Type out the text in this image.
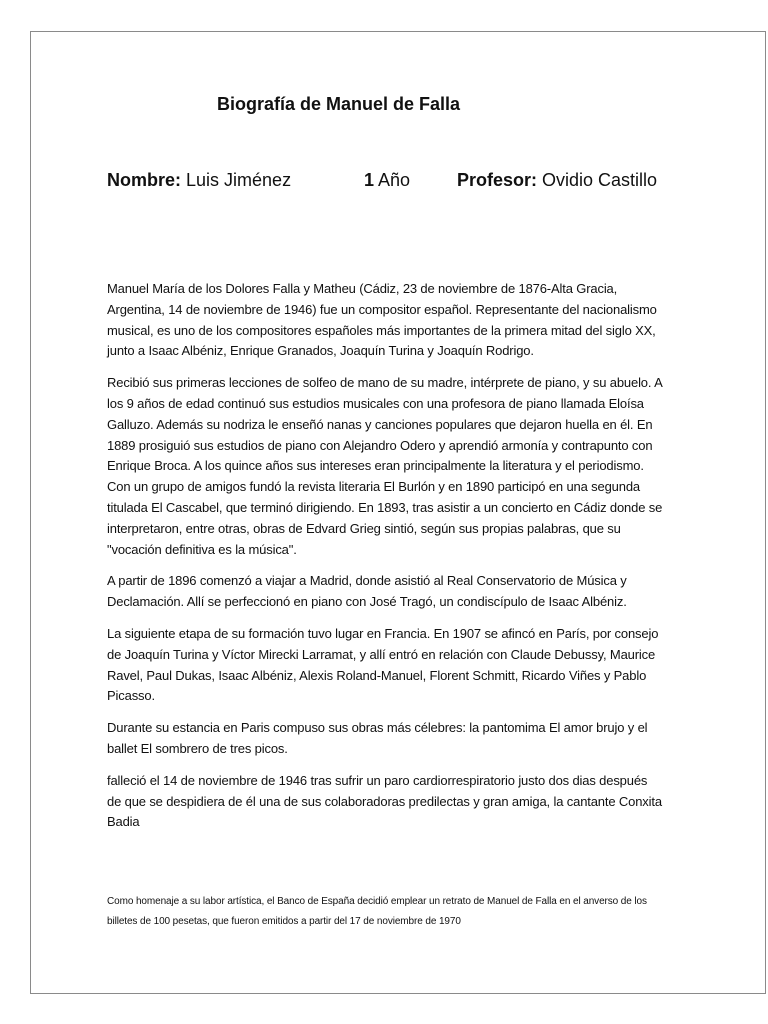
Biografía de Manuel de Falla
Nombre: Luis Jiménez	1 Año	Profesor: Ovidio Castillo

Manuel María de los Dolores Falla y Matheu (Cádiz, 23 de noviembre de 1876-Alta Gracia, Argentina, 14 de noviembre de 1946) fue un compositor español. Representante del nacionalismo musical, es uno de los compositores españoles más importantes de la primera mitad del siglo XX, junto a Isaac Albéniz, Enrique Granados, Joaquín Turina y Joaquín Rodrigo.

Recibió sus primeras lecciones de solfeo de mano de su madre, intérprete de piano, y su abuelo. A los 9 años de edad continuó sus estudios musicales con una profesora de piano llamada Eloísa Galluzo. Además su nodriza le enseñó nanas y canciones populares que dejaron huella en él. En 1889 prosiguió sus estudios de piano con Alejandro Odero y aprendió armonía y contrapunto con Enrique Broca. A los quince años sus intereses eran principalmente la literatura y el periodismo. Con un grupo de amigos fundó la revista literaria El Burlón y en 1890 participó en una segunda titulada El Cascabel, que terminó dirigiendo. En 1893, tras asistir a un concierto en Cádiz donde se interpretaron, entre otras, obras de Edvard Grieg sintió, según sus propias palabras, que su "vocación definitiva es la música".

A partir de 1896 comenzó a viajar a Madrid, donde asistió al Real Conservatorio de Música y Declamación. Allí se perfeccionó en piano con José Tragó, un condiscípulo de Isaac Albéniz.

La siguiente etapa de su formación tuvo lugar en Francia. En 1907 se afincó en París, por consejo de Joaquín Turina y Víctor Mirecki Larramat, y allí entró en relación con Claude Debussy, Maurice Ravel, Paul Dukas, Isaac Albéniz, Alexis Roland-Manuel, Florent Schmitt, Ricardo Viñes y Pablo Picasso.

Durante su estancia en Paris compuso sus obras más célebres: la pantomima El amor brujo y el ballet El sombrero de tres picos.

falleció el 14 de noviembre de 1946 tras sufrir un paro cardiorrespiratorio justo dos dias después de que se despidiera de él una de sus colaboradoras predilectas y gran amiga, la cantante Conxita Badia

Como homenaje a su labor artística, el Banco de España decidió emplear un retrato de Manuel de Falla en el anverso de los billetes de 100 pesetas, que fueron emitidos a partir del 17 de noviembre de 1970
